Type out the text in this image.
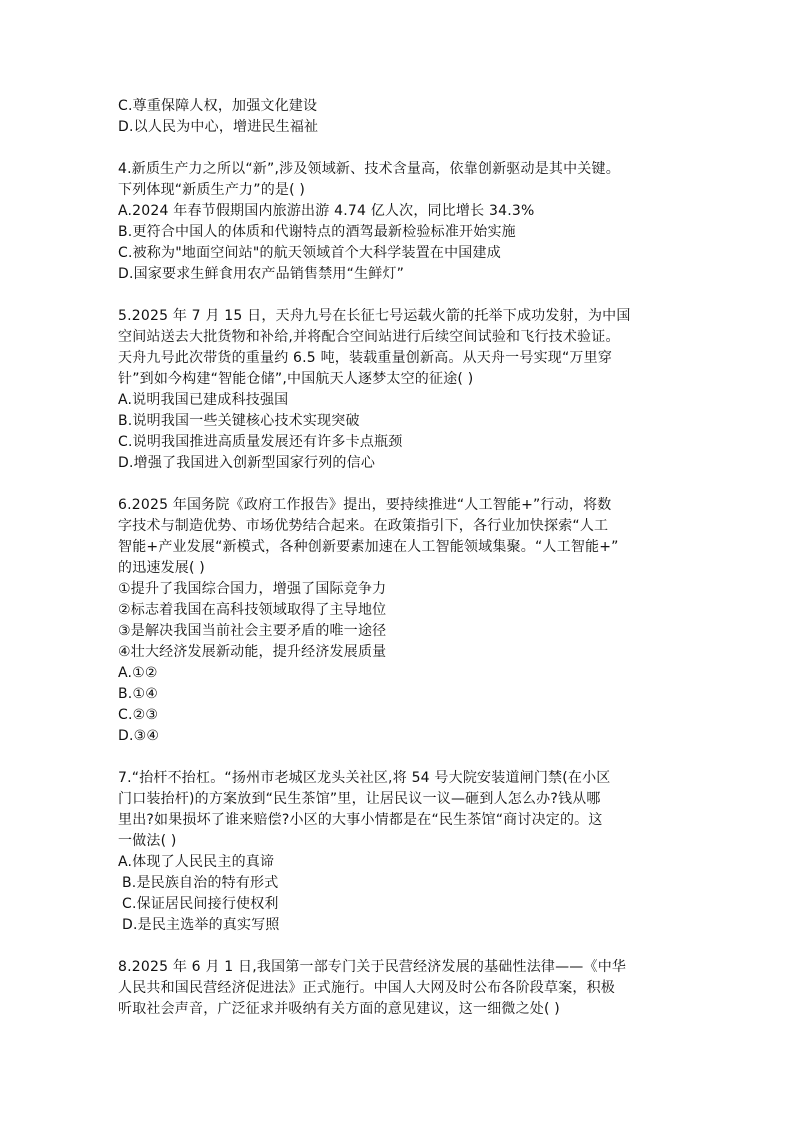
C.尊重保障人权，加强文化建设
D.以人民为中心，增进民生福祉
4.新质生产力之所以“新”,涉及领域新、技术含量高，依靠创新驱动是其中关键。
下列体现“新质生产力”的是( )
A.2024 年春节假期国内旅游出游 4.74 亿人次，同比增长 34.3%
B.更符合中国人的体质和代谢特点的酒驾最新检验标准开始实施
C.被称为"地面空间站"的航天领域首个大科学装置在中国建成
D.国家要求生鲜食用农产品销售禁用“生鲜灯”
5.2025 年 7 月 15 日，天舟九号在长征七号运载火箭的托举下成功发射，为中国
空间站送去大批货物和补给,并将配合空间站进行后续空间试验和飞行技术验证。
天舟九号此次带货的重量约 6.5 吨，装载重量创新高。从天舟一号实现“万里穿
针”到如今构建“智能仓储”,中国航天人逐梦太空的征途( )
A.说明我国已建成科技强国
B.说明我国一些关键核心技术实现突破
C.说明我国推进高质量发展还有许多卡点瓶颈
D.增强了我国进入创新型国家行列的信心
6.2025 年国务院《政府工作报告》提出，要持续推进“人工智能+”行动，将数
字技术与制造优势、市场优势结合起来。在政策指引下，各行业加快探索“人工
智能+产业发展“新模式，各种创新要素加速在人工智能领域集聚。“人工智能+”
的迅速发展( )
①提升了我国综合国力，增强了国际竞争力
②标志着我国在高科技领域取得了主导地位
③是解决我国当前社会主要矛盾的唯一途径
④壮大经济发展新动能，提升经济发展质量
A.①②
B.①④
C.②③
D.③④
7.“抬杆不抬杠。“扬州市老城区龙头关社区,将 54 号大院安装道闸门禁(在小区
门口装抬杆)的方案放到“民生茶馆”里，让居民议一议—砸到人怎么办?钱从哪
里出?如果损坏了谁来赔偿?小区的大事小情都是在“民生茶馆“商讨决定的。这
一做法( )
A.体现了人民民主的真谛
B.是民族自治的特有形式
C.保证居民间接行使权利
D.是民主选举的真实写照
8.2025 年 6 月 1 日,我国第一部专门关于民营经济发展的基础性法律——《中华
人民共和国民营经济促进法》正式施行。中国人大网及时公布各阶段草案，积极
听取社会声音，广泛征求并吸纳有关方面的意见建议，这一细微之处( )
